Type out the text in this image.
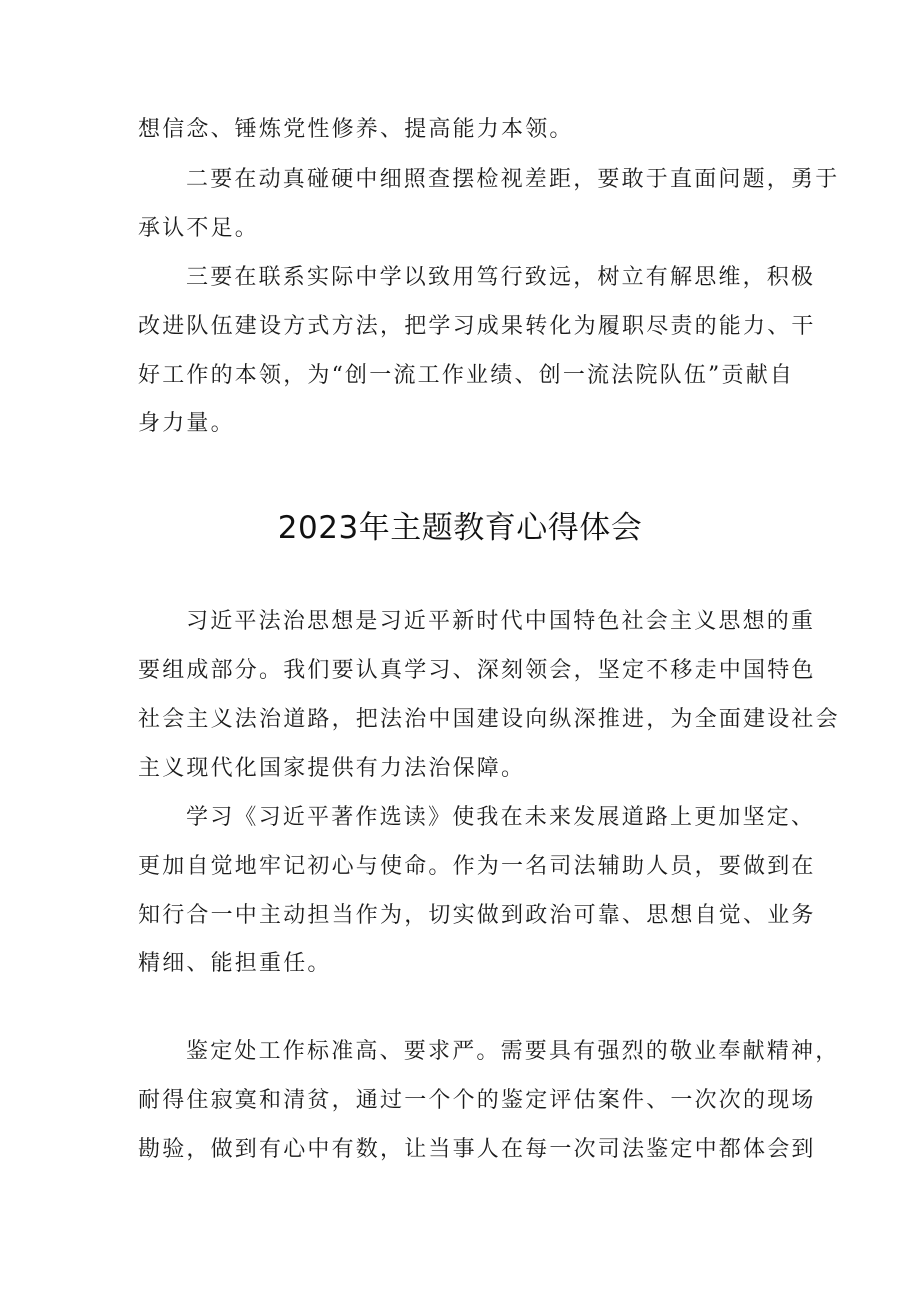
想信念、锤炼党性修养、提高能力本领。
二要在动真碰硬中细照查摆检视差距，要敢于直面问题，勇于
承认不足。
三要在联系实际中学以致用笃行致远，树立有解思维，积极
改进队伍建设方式方法，把学习成果转化为履职尽责的能力、干
好工作的本领，为“创一流工作业绩、创一流法院队伍”贡献自
身力量。
2023年主题教育心得体会
习近平法治思想是习近平新时代中国特色社会主义思想的重
要组成部分。我们要认真学习、深刻领会，坚定不移走中国特色
社会主义法治道路，把法治中国建设向纵深推进，为全面建设社会
主义现代化国家提供有力法治保障。
学习《习近平著作选读》使我在未来发展道路上更加坚定、
更加自觉地牢记初心与使命。作为一名司法辅助人员，要做到在
知行合一中主动担当作为，切实做到政治可靠、思想自觉、业务
精细、能担重任。
鉴定处工作标准高、要求严。需要具有强烈的敬业奉献精神，
耐得住寂寞和清贫，通过一个个的鉴定评估案件、一次次的现场
勘验，做到有心中有数，让当事人在每一次司法鉴定中都体会到
